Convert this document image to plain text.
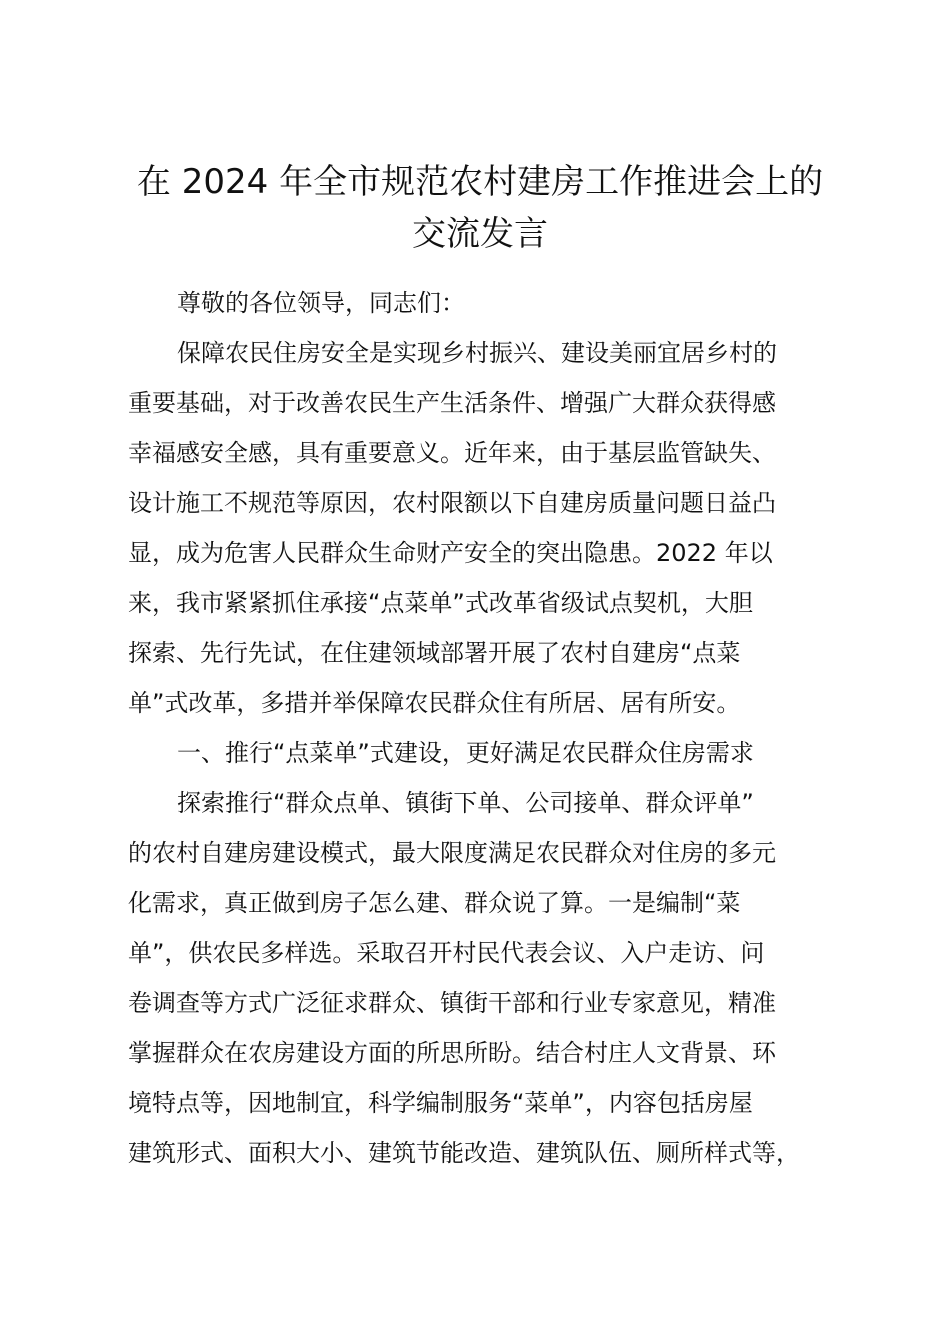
在 2024 年全市规范农村建房工作推进会上的
交流发言

尊敬的各位领导，同志们：

保障农民住房安全是实现乡村振兴、建设美丽宜居乡村的

重要基础，对于改善农民生产生活条件、增强广大群众获得感

幸福感安全感，具有重要意义。近年来，由于基层监管缺失、

设计施工不规范等原因，农村限额以下自建房质量问题日益凸

显，成为危害人民群众生命财产安全的突出隐患。2022 年以

来，我市紧紧抓住承接“点菜单”式改革省级试点契机，大胆

探索、先行先试，在住建领域部署开展了农村自建房“点菜

单”式改革，多措并举保障农民群众住有所居、居有所安。

一、推行“点菜单”式建设，更好满足农民群众住房需求

探索推行“群众点单、镇街下单、公司接单、群众评单”

的农村自建房建设模式，最大限度满足农民群众对住房的多元

化需求，真正做到房子怎么建、群众说了算。一是编制“菜

单”，供农民多样选。采取召开村民代表会议、入户走访、问

卷调查等方式广泛征求群众、镇街干部和行业专家意见，精准

掌握群众在农房建设方面的所思所盼。结合村庄人文背景、环

境特点等，因地制宜，科学编制服务“菜单”，内容包括房屋

建筑形式、面积大小、建筑节能改造、建筑队伍、厕所样式等，
